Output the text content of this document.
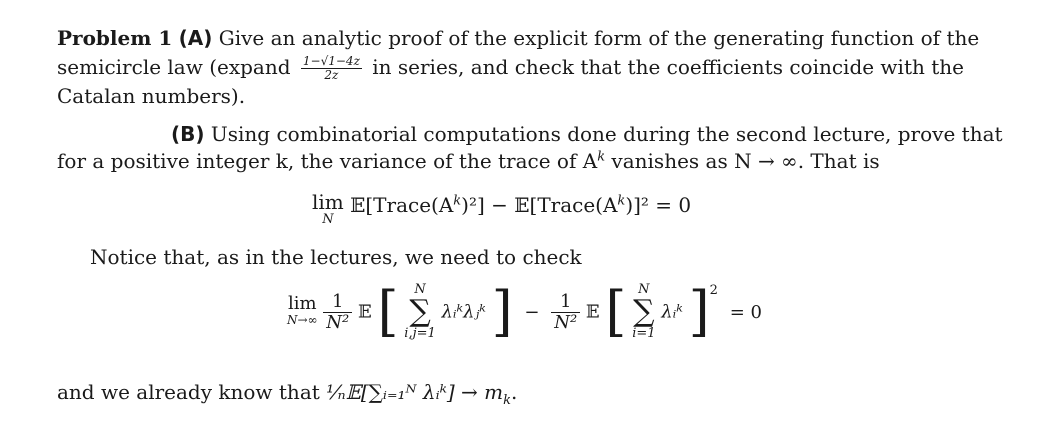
Problem 1 (A) Give an analytic proof of the explicit form of the generating function of the
semicircle law (expand $\frac{1-√1-4z}{2z}$ in series, and check that the coefficients coincide with the
Catalan numbers).
(B) Using combinatorial computations done during the second lecture, prove that
for a positive integer k, the variance of the trace of $A^k$ vanishes as N → ∞. That is
lim
N
$𝔼[Trace(A^k)^2]$ − $𝔼[Trace(A^k)]^2 = 0$
Notice that, as in the lectures, we need to check
lim
N→∞
$\frac{1}{\text{N²}}$ 𝔼 [	N
∑
i,j=1
λᵢᵏλⱼᵏ ] − $\frac{1}{\text{N²}}$ 𝔼 [ N
∑
i=1
λᵢᵏ ]$^2$ = 0
and we already know that ¹⁄ₙ𝔼[∑ᵢ₌₁ᴺ λᵢᵏ] → $m_k$.
